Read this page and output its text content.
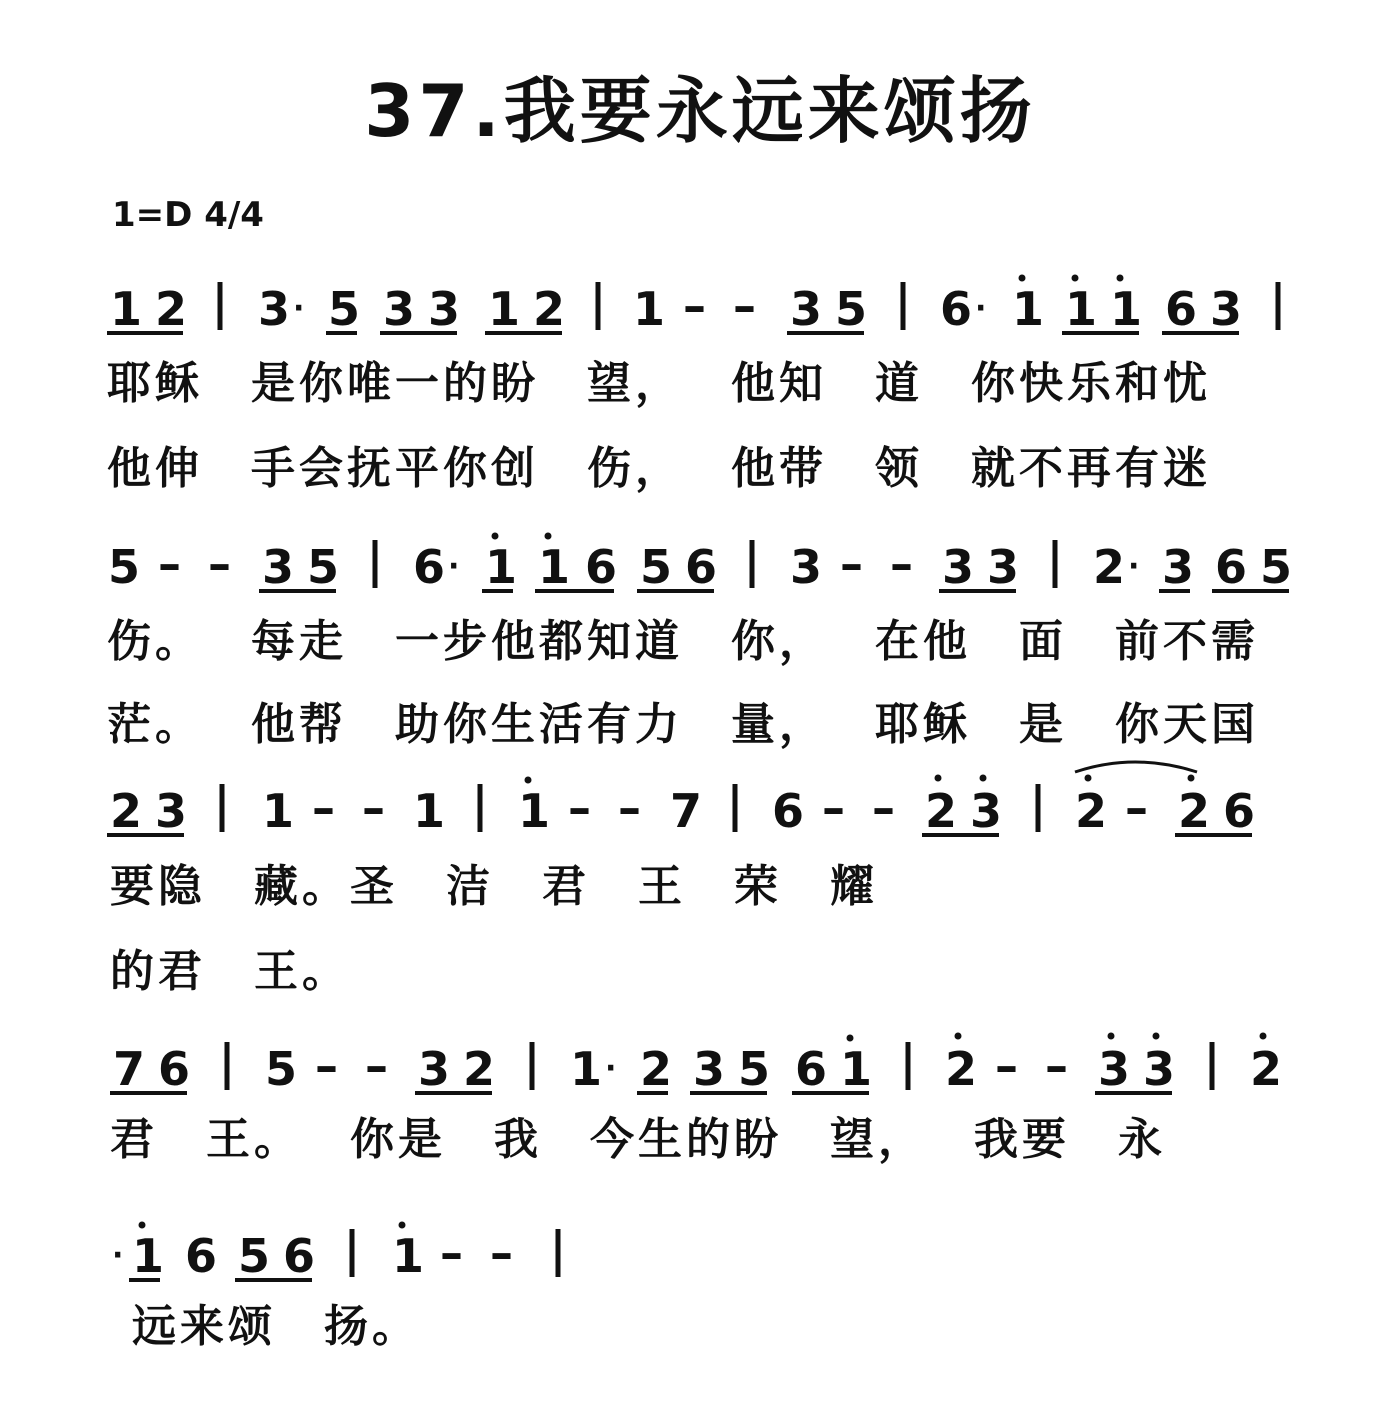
37.我要永远来颂扬
1=D 4/4
1 2 3 · 5 3 3 1 2 1 – – 3 5 6 · 1 1 1 6 3
5 – – 3 5 6 · 1 1 6 5 6 3 – – 3 3 2 · 3 6 5
2 3 1 – – 1 1 – – 7 6 – – 2 3 2 – 2 6
7 6 5 – – 3 2 1 · 2 3 5 6 1 2 – – 3 3 2
· 1 6 5 6 1 – –
耶稣 是你唯一的盼 望， 他知 道 你快乐和忧
他伸 手会抚平你创 伤， 他带 领 就不再有迷
伤。 每走 一步他都知道 你， 在他 面 前不需
茫。 他帮 助你生活有力 量， 耶稣 是 你天国
要隐 藏。圣 洁 君 王 荣 耀
的君 王。
君 王。 你是 我 今生的盼 望， 我要 永
远来颂 扬。
